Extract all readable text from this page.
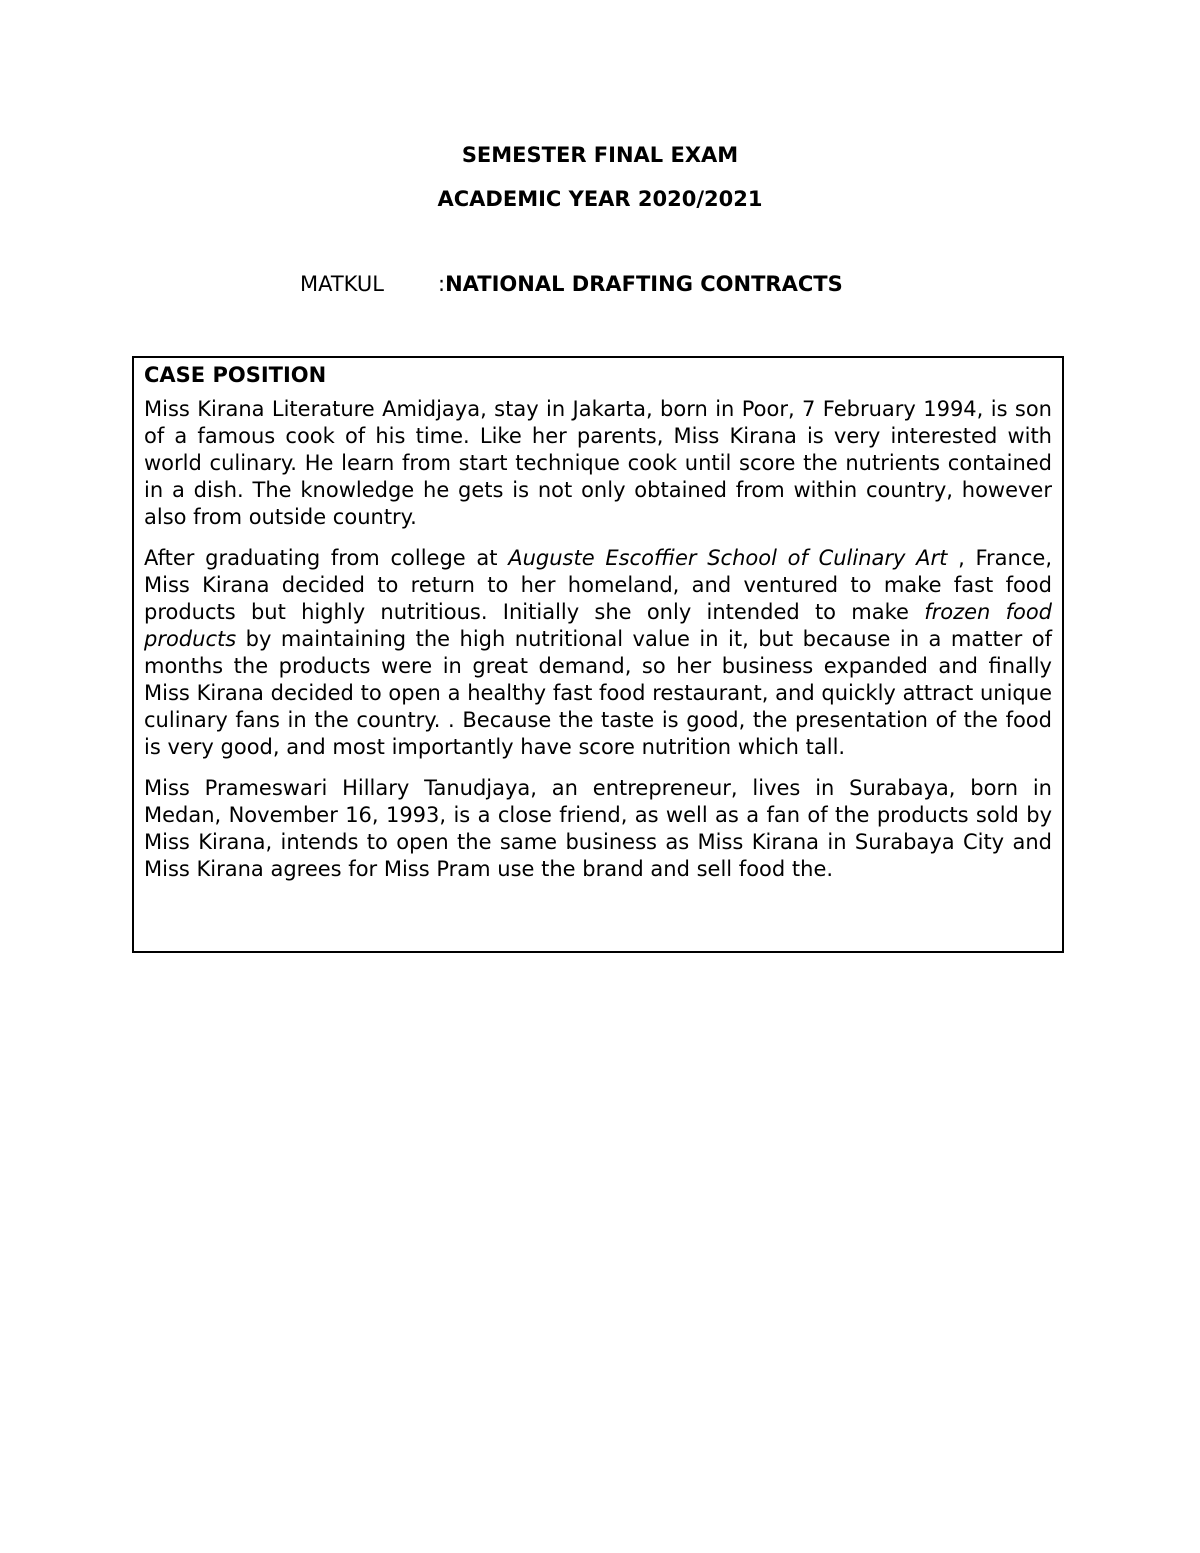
SEMESTER FINAL EXAM

ACADEMIC YEAR 2020/2021

MATKUL	:NATIONAL DRAFTING CONTRACTS

CASE POSITION

Miss Kirana Literature Amidjaya, stay in Jakarta, born in Poor, 7 February 1994, is son of a famous cook of his time. Like her parents, Miss Kirana is very interested with world culinary. He learn from start technique cook until score the nutrients contained in a dish. The knowledge he gets is not only obtained from within country, however also from outside country.

After graduating from college at Auguste Escoffier School of Culinary Art , France, Miss Kirana decided to return to her homeland, and ventured to make fast food products but highly nutritious. Initially she only intended to make frozen food products by maintaining the high nutritional value in it, but because in a matter of months the products were in great demand, so her business expanded and finally Miss Kirana decided to open a healthy fast food restaurant, and quickly attract unique culinary fans in the country. . Because the taste is good, the presentation of the food is very good, and most importantly have score nutrition which tall.

Miss Prameswari Hillary Tanudjaya, an entrepreneur, lives in Surabaya, born in Medan, November 16, 1993, is a close friend, as well as a fan of the products sold by Miss Kirana, intends to open the same business as Miss Kirana in Surabaya City and Miss Kirana agrees for Miss Pram use the brand and sell food the.
